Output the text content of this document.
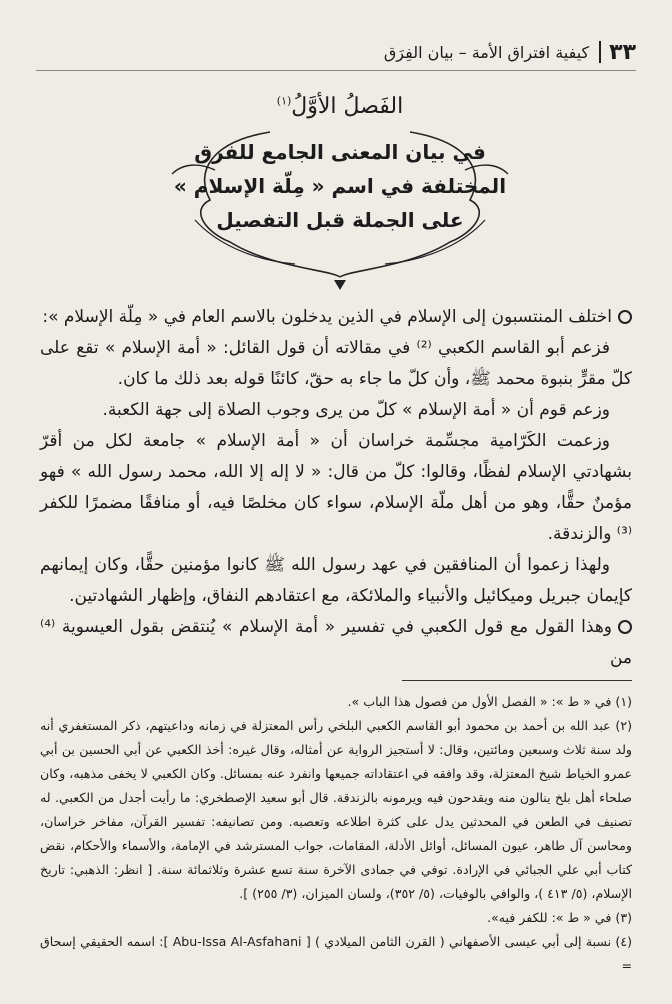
٣٣
كيفية افتراق الأمة – بيان الفِرَق
الفَصلُ الأوَّلُ$^{(١)}$
في بيان المعنى الجامع للفرق
المختلفة في اسم « مِلّة الإسلام »
على الجملة قبل التفصيل

اختلف المنتسبون إلى الإسلام في الذين يدخلون بالاسم العام في « مِلّة الإسلام »:

فزعم أبو القاسم الكعبي ⁽²⁾ في مقالاته أن قول القائل: « أمة الإسلام » تقع على كلّ مقرٍّ بنبوة محمد ﷺ، وأن كلّ ما جاء به حقّ، كائنًا قوله بعد ذلك ما كان.

وزعم قوم أن « أمة الإسلام » كلّ من يرى وجوب الصلاة إلى جهة الكعبة.

وزعمت الكَرّامية مجسِّمة خراسان أن « أمة الإسلام » جامعة لكل من أقرّ بشهادتي الإسلام لفظًا، وقالوا: كلّ من قال: « لا إله إلا الله، محمد رسول الله » فهو مؤمنٌ حقًّا، وهو من أهل ملّة الإسلام، سواء كان مخلصًا فيه، أو منافقًا مضمرًا للكفر ⁽³⁾ والزندقة.

ولهذا زعموا أن المنافقين في عهد رسول الله ﷺ كانوا مؤمنين حقًّا، وكان إيمانهم كإيمان جبريل وميكائيل والأنبياء والملائكة، مع اعتقادهم النفاق، وإظهار الشهادتين.

وهذا القول مع قول الكعبي في تفسير « أمة الإسلام » يُنتقض بقول العيسوية ⁽⁴⁾ من

(١) في « ط »: « الفصل الأول من فصول هذا الباب ».

(٢) عبد الله بن أحمد بن محمود أبو القاسم الكعبي البلخي رأس المعتزلة في زمانه وداعيتهم، ذكر المستغفري أنه ولد سنة ثلاث وسبعين ومائتين، وقال: لا أستجيز الرواية عن أمثاله، وقال غيره: أخذ الكعبي عن أبي الحسين بن أبي عمرو الخياط شيخ المعتزلة، وقد وافقه في اعتقاداته جميعها وانفرد عنه بمسائل. وكان الكعبي لا يخفى مذهبه، وكان صلحاء أهل بلخ ينالون منه ويقدحون فيه ويرمونه بالزندقة. قال أبو سعيد الإصطخري: ما رأيت أجدل من الكعبي. له تصنيف في الطعن في المحدثين يدل على كثرة اطلاعه وتعصبه. ومن تصانيفه: تفسير القرآن، مفاخر خراسان، ومحاسن آل طاهر، عيون المسائل، أوائل الأدلة، المقامات، جواب المسترشد في الإمامة، والأسماء والأحكام، نقض كتاب أبي علي الجبائي في الإرادة. توفي في جمادى الآخرة سنة تسع عشرة وثلاثمائة سنة. [ انظر: الذهبي: تاريخ الإسلام، (٥/ ٤١٣ )، والوافي بالوفيات، (٥/ ٣٥٢)، ولسان الميزان، (٣/ ٢٥٥) ].

(٣) في « ط »: للكفر فيه».

(٤) نسبة إلى أبي عيسى الأصفهاني ( القرن الثامن الميلادي ) [ Abu-Issa Al-Asfahani ]: اسمه الحقيقي إسحاق =
